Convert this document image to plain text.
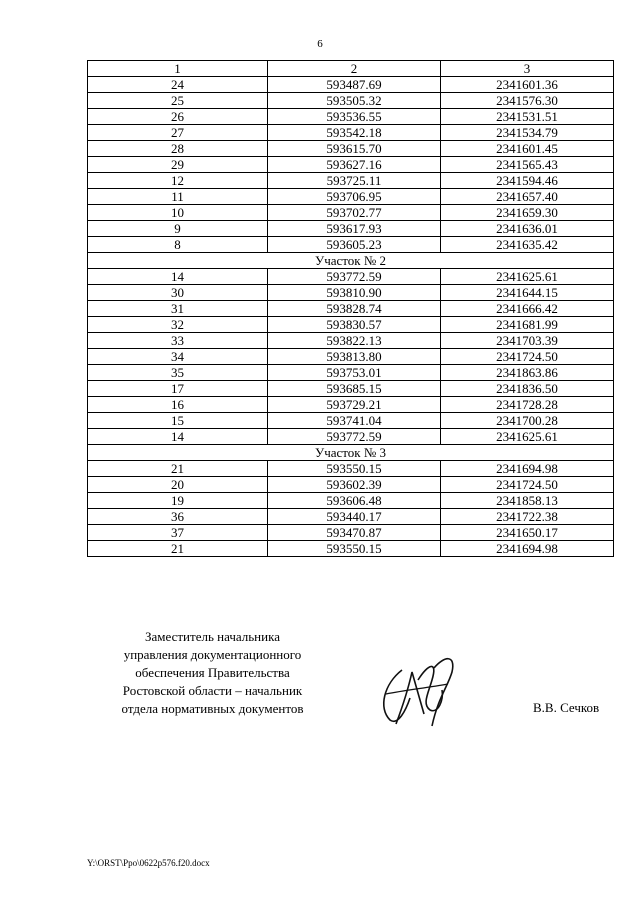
6
1	2	3
24	593487.69	2341601.36
25	593505.32	2341576.30
26	593536.55	2341531.51
27	593542.18	2341534.79
28	593615.70	2341601.45
29	593627.16	2341565.43
12	593725.11	2341594.46
11	593706.95	2341657.40
10	593702.77	2341659.30
9	593617.93	2341636.01
8	593605.23	2341635.42
Участок № 2		
14	593772.59	2341625.61
30	593810.90	2341644.15
31	593828.74	2341666.42
32	593830.57	2341681.99
33	593822.13	2341703.39
34	593813.80	2341724.50
35	593753.01	2341863.86
17	593685.15	2341836.50
16	593729.21	2341728.28
15	593741.04	2341700.28
14	593772.59	2341625.61
Участок № 3		
21	593550.15	2341694.98
20	593602.39	2341724.50
19	593606.48	2341858.13
36	593440.17	2341722.38
37	593470.87	2341650.17
21	593550.15	2341694.98
Заместитель начальника
управления документационного
обеспечения Правительства
Ростовской области – начальник
отдела нормативных документов	В.В. Сечков
Y:\ORST\Ppo\0622p576.f20.docx
